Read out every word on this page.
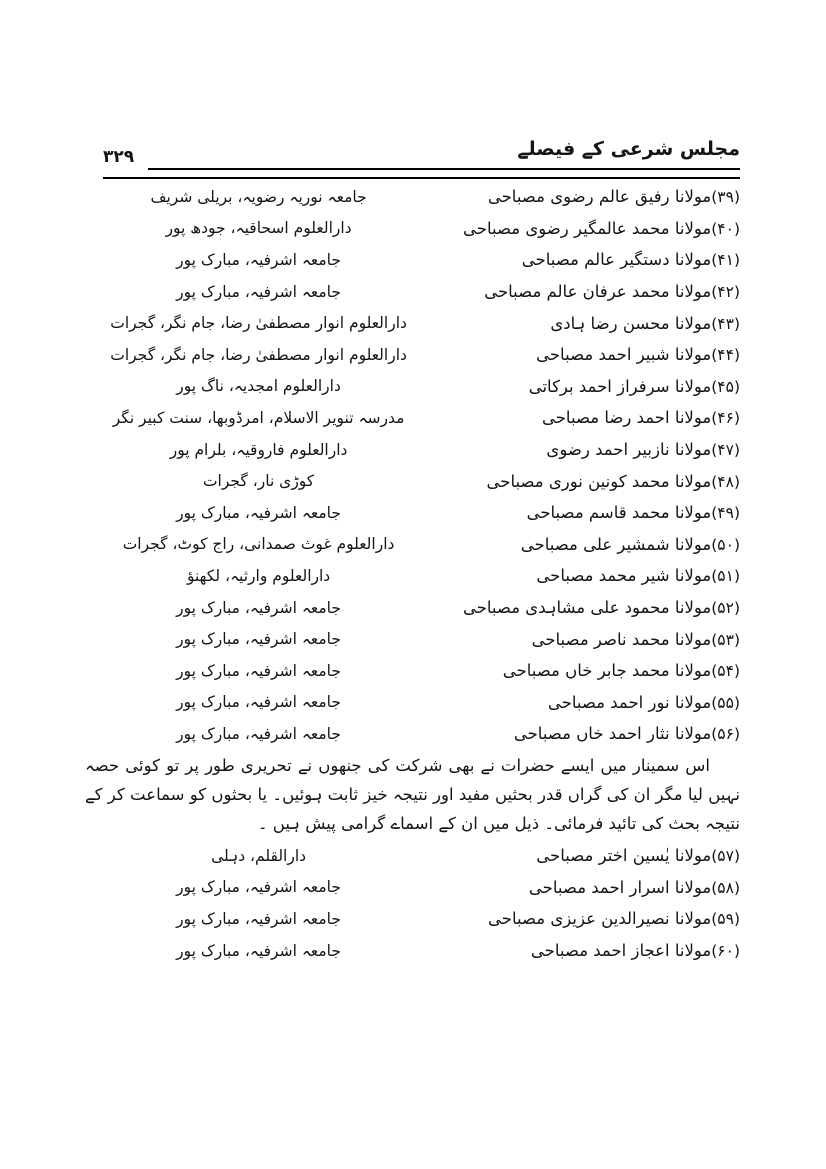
مجلس شرعی کے فیصلے
۳۲۹
(۳۹)مولانا رفیق عالم رضوی مصباحی
جامعہ نوریہ رضویہ، بریلی شریف
(۴۰)مولانا محمد عالمگیر رضوی مصباحی
دارالعلوم اسحاقیہ، جودھ پور
(۴۱)مولانا دستگیر عالم مصباحی
جامعہ اشرفیہ، مبارک پور
(۴۲)مولانا محمد عرفان عالم مصباحی
جامعہ اشرفیہ، مبارک پور
(۴۳)مولانا محسن رضا ہادی
دارالعلوم انوار مصطفیٰ رضا، جام نگر، گجرات
(۴۴)مولانا شبیر احمد مصباحی
دارالعلوم انوار مصطفیٰ رضا، جام نگر، گجرات
(۴۵)مولانا سرفراز احمد برکاتی
دارالعلوم امجدیہ، ناگ پور
(۴۶)مولانا احمد رضا مصباحی
مدرسہ تنویر الاسلام، امرڈوبھا، سنت کبیر نگر
(۴۷)مولانا نازبیر احمد رضوی
دارالعلوم فاروقیہ، بلرام پور
(۴۸)مولانا محمد کونین نوری مصباحی
کوڑی نار، گجرات
(۴۹)مولانا محمد قاسم مصباحی
جامعہ اشرفیہ، مبارک پور
(۵۰)مولانا شمشیر علی مصباحی
دارالعلوم غوث صمدانی، راج کوٹ، گجرات
(۵۱)مولانا شیر محمد مصباحی
دارالعلوم وارثیہ، لکھنؤ
(۵۲)مولانا محمود علی مشاہدی مصباحی
جامعہ اشرفیہ، مبارک پور
(۵۳)مولانا محمد ناصر مصباحی
جامعہ اشرفیہ، مبارک پور
(۵۴)مولانا محمد جابر خاں مصباحی
جامعہ اشرفیہ، مبارک پور
(۵۵)مولانا نور احمد مصباحی
جامعہ اشرفیہ، مبارک پور
(۵۶)مولانا نثار احمد خاں مصباحی
جامعہ اشرفیہ، مبارک پور
اس سمینار میں ایسے حضرات نے بھی شرکت کی جنھوں نے تحریری طور پر تو کوئی حصہ نہیں لیا مگر ان کی گراں قدر بحثیں مفید اور نتیجہ خیز ثابت ہوئیں۔ یا بحثوں کو سماعت کر کے نتیجہ بحث کی تائید فرمائی۔ ذیل میں ان کے اسماے گرامی پیش ہیں ۔
(۵۷)مولانا یٰسین اختر مصباحی
دارالقلم، دہلی
(۵۸)مولانا اسرار احمد مصباحی
جامعہ اشرفیہ، مبارک پور
(۵۹)مولانا نصیرالدین عزیزی مصباحی
جامعہ اشرفیہ، مبارک پور
(۶۰)مولانا اعجاز احمد مصباحی
جامعہ اشرفیہ، مبارک پور
